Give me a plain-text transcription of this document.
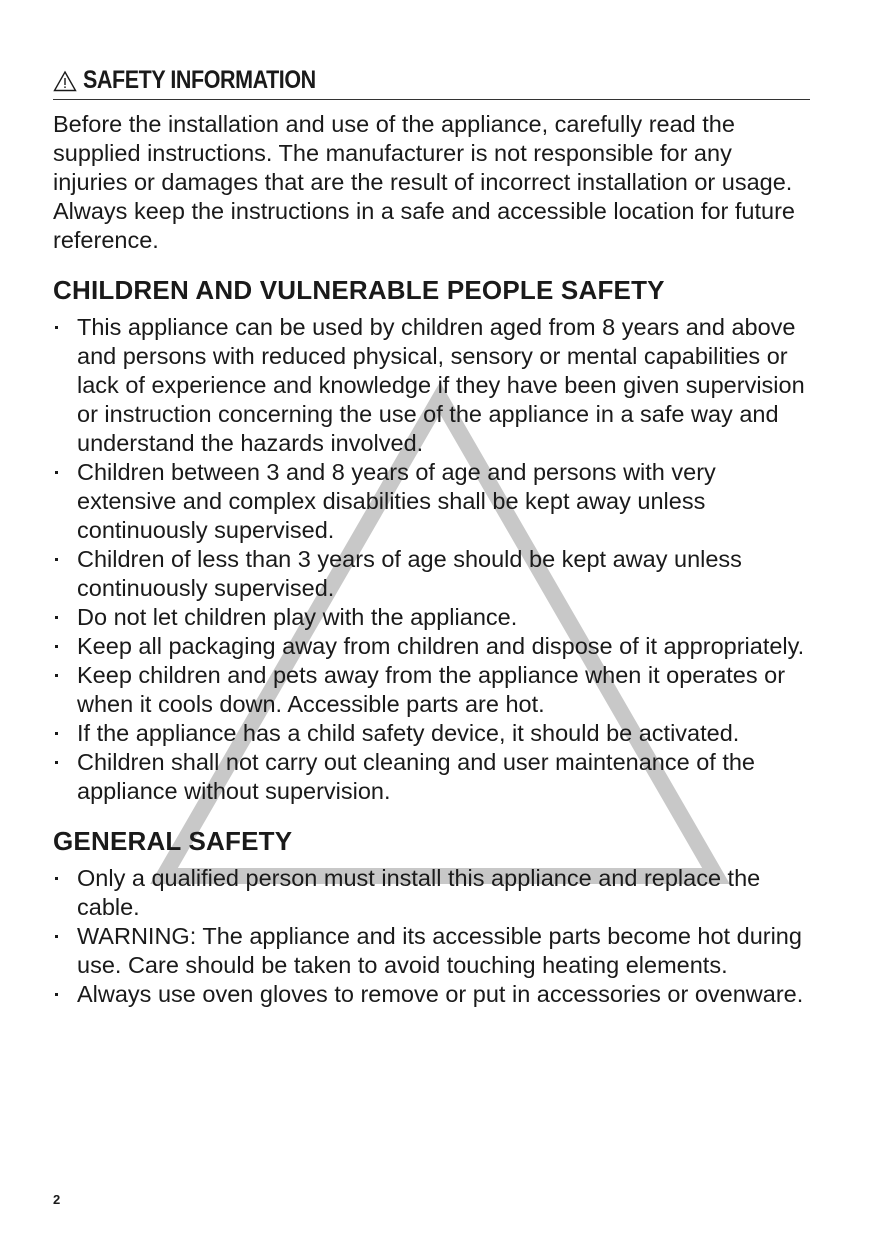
SAFETY INFORMATION

Before the installation and use of the appliance, carefully read the supplied instructions. The manufacturer is not responsible for any injuries or damages that are the result of incorrect installation or usage. Always keep the instructions in a safe and accessible location for future reference.

CHILDREN AND VULNERABLE PEOPLE SAFETY
This appliance can be used by children aged from 8 years and above and persons with reduced physical, sensory or mental capabilities or lack of experience and knowledge if they have been given supervision or instruction concerning the use of the appliance in a safe way and understand the hazards involved.
Children between 3 and 8 years of age and persons with very extensive and complex disabilities shall be kept away unless continuously supervised.
Children of less than 3 years of age should be kept away unless continuously supervised.
Do not let children play with the appliance.
Keep all packaging away from children and dispose of it appropriately.
Keep children and pets away from the appliance when it operates or when it cools down. Accessible parts are hot.
If the appliance has a child safety device, it should be activated.
Children shall not carry out cleaning and user maintenance of the appliance without supervision.
GENERAL SAFETY
Only a qualified person must install this appliance and replace the cable.
WARNING: The appliance and its accessible parts become hot during use. Care should be taken to avoid touching heating elements.
Always use oven gloves to remove or put in accessories or ovenware.
2
